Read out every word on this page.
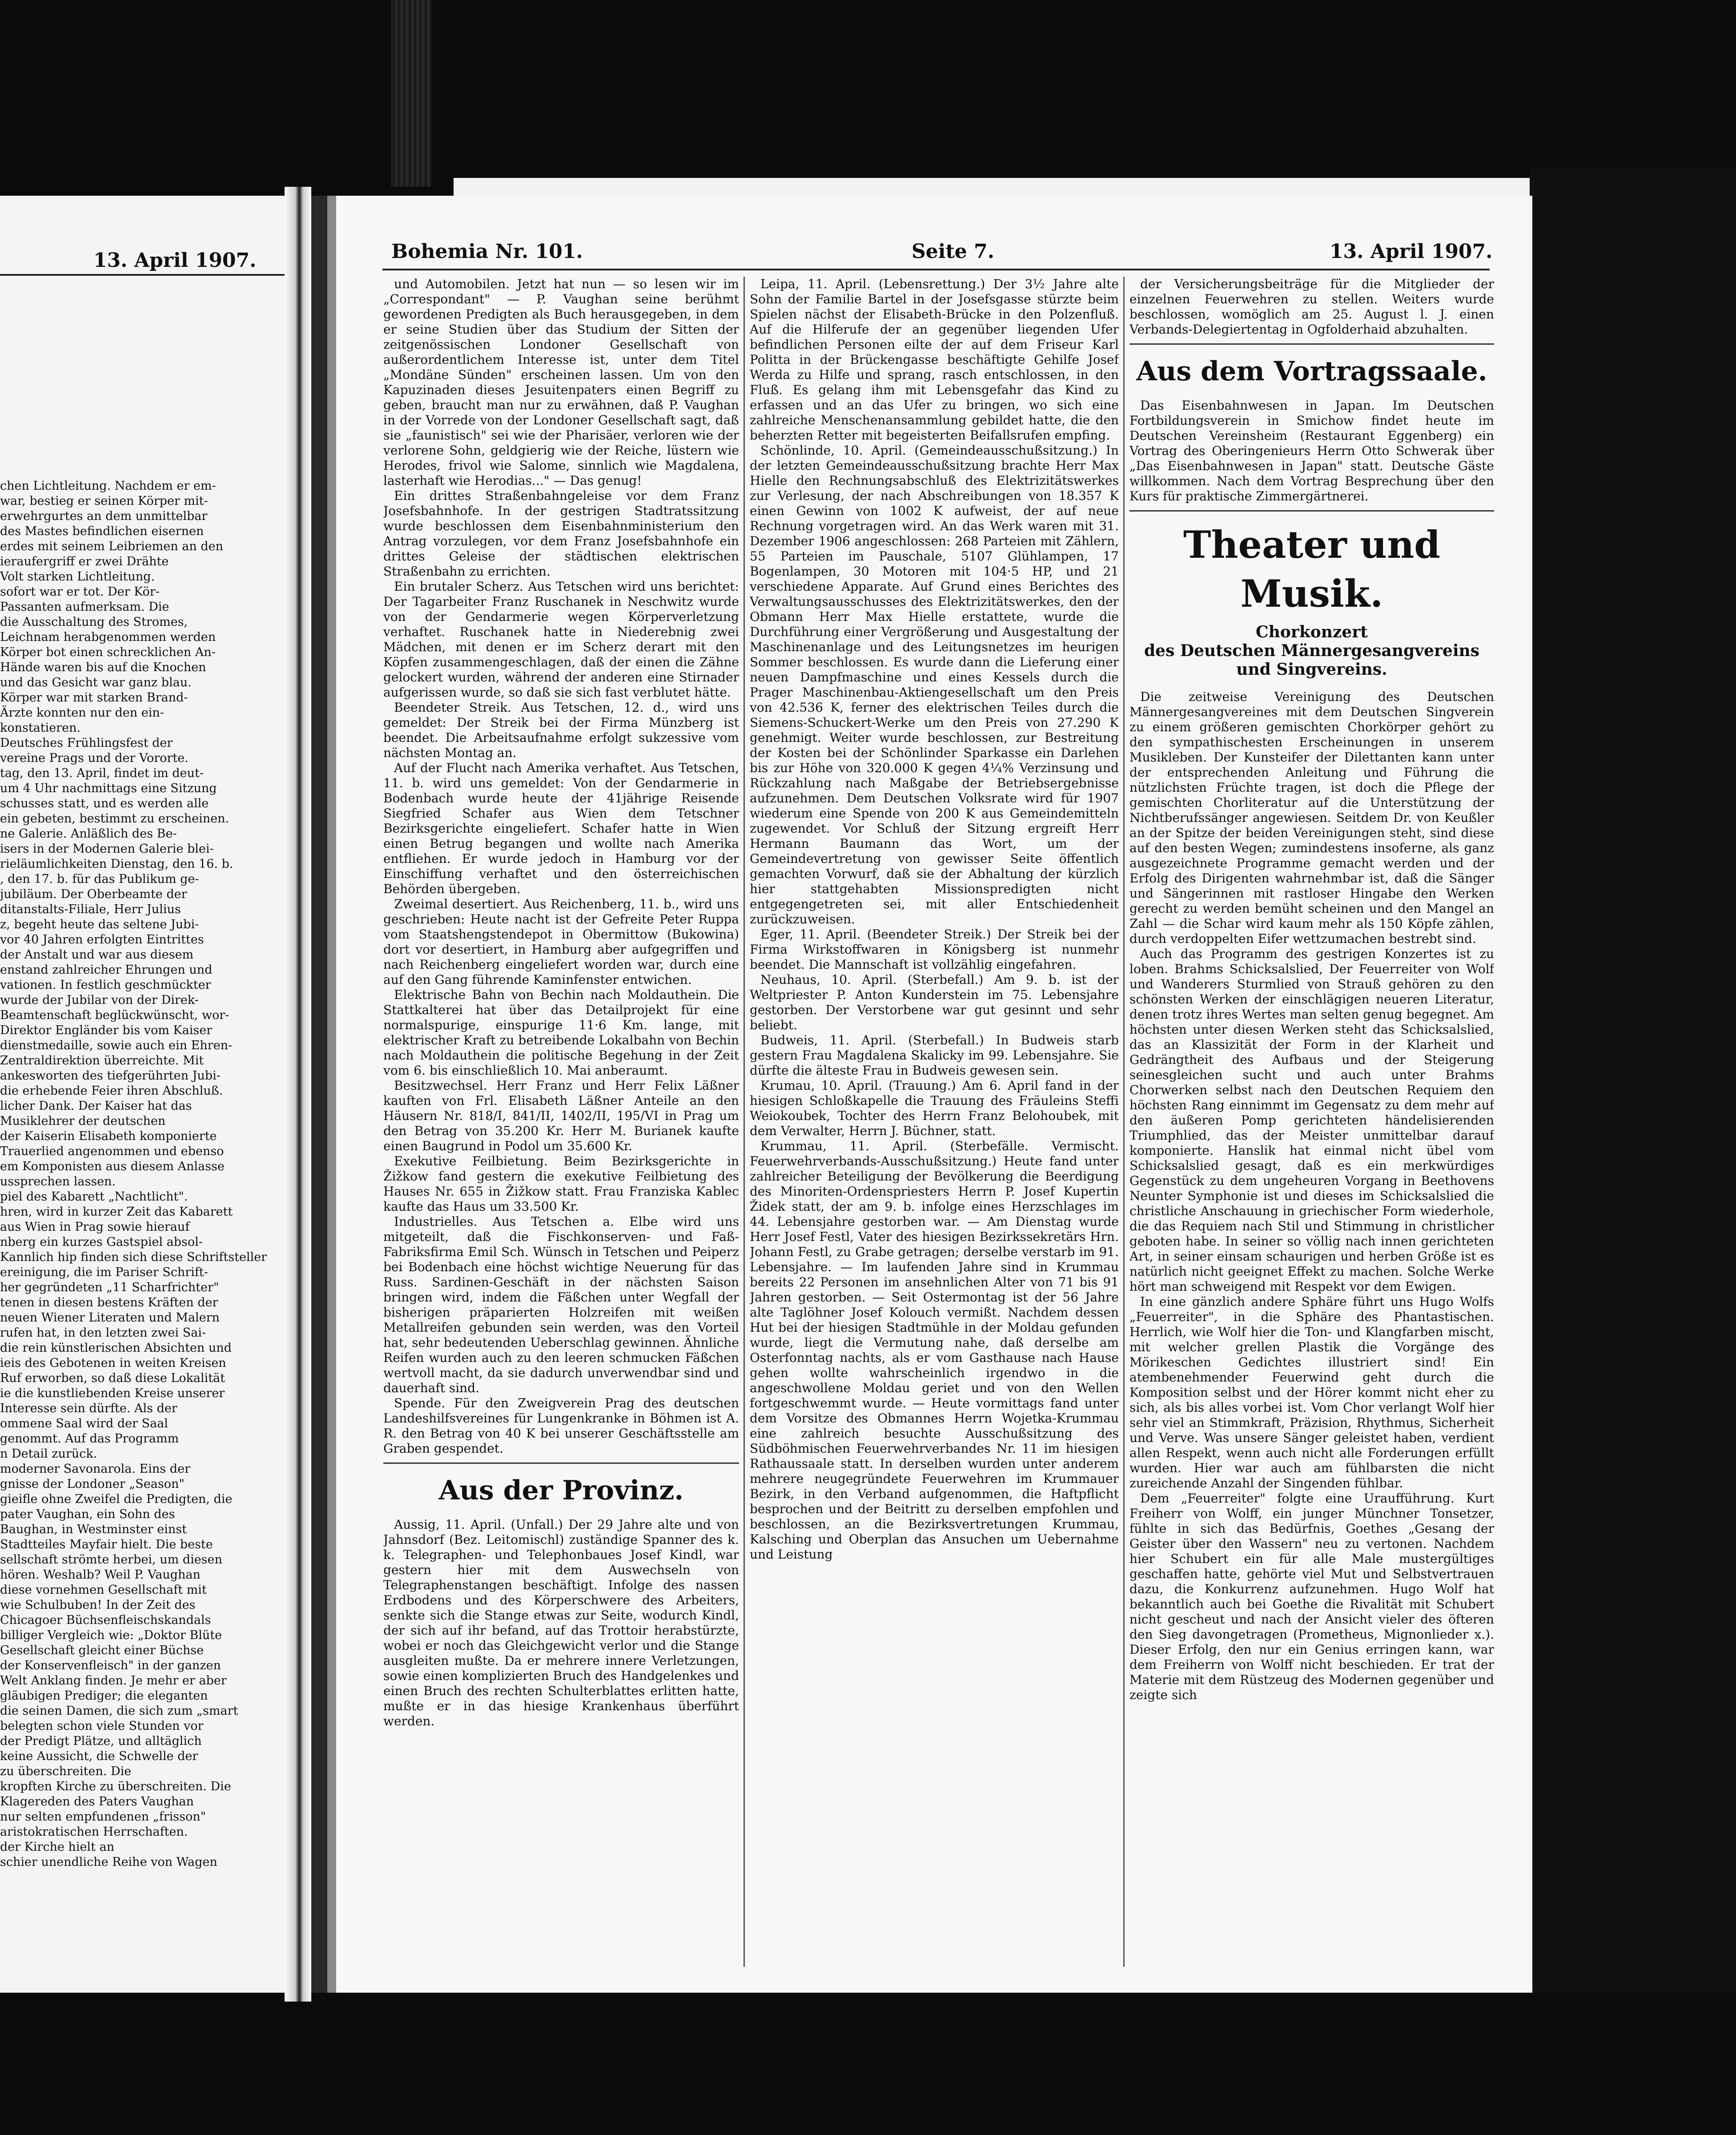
chen Lichtleitung. Nachdem er em-
war, bestieg er seinen Körper mit-
erwehrgurtes an dem unmittelbar
des Mastes befindlichen eisernen
erdes mit seinem Leibriemen an den
ieraufergriff er zwei Drähte
Volt starken Lichtleitung.
sofort war er tot. Der Kör-
Passanten aufmerksam. Die
die Ausschaltung des Stromes,
Leichnam herabgenommen werden
Körper bot einen schrecklichen An-
Hände waren bis auf die Knochen
und das Gesicht war ganz blau.
Körper war mit starken Brand-
Ärzte konnten nur den ein-
konstatieren.
Deutsches Frühlingsfest der
vereine Prags und der Vororte.
tag, den 13. April, findet im deut-
um 4 Uhr nachmittags eine Sitzung
schusses statt, und es werden alle
ein gebeten, bestimmt zu erscheinen.
ne Galerie. Anläßlich des Be-
isers in der Modernen Galerie blei-
rieläumlichkeiten Dienstag, den 16. b.
, den 17. b. für das Publikum ge-
jubiläum. Der Oberbeamte der
ditanstalts-Filiale, Herr Julius
z, begeht heute das seltene Jubi-
vor 40 Jahren erfolgten Eintrittes
der Anstalt und war aus diesem
enstand zahlreicher Ehrungen und
vationen. In festlich geschmückter
wurde der Jubilar von der Direk-
Beamtenschaft beglückwünscht, wor-
Direktor Engländer bis vom Kaiser
dienstmedaille, sowie auch ein Ehren-
Zentraldirektion überreichte. Mit
ankesworten des tiefgerührten Jubi-
die erhebende Feier ihren Abschluß.
licher Dank. Der Kaiser hat das
Musiklehrer der deutschen
der Kaiserin Elisabeth komponierte
Trauerlied angenommen und ebenso
em Komponisten aus diesem Anlasse
ussprechen lassen.
piel des Kabarett „Nachtlicht".
hren, wird in kurzer Zeit das Kabarett
aus Wien in Prag sowie hierauf
nberg ein kurzes Gastspiel absol-
Kannlich hip finden sich diese Schriftsteller
ereinigung, die im Pariser Schrift-
her gegründeten „11 Scharfrichter"
tenen in diesen bestens Kräften der
neuen Wiener Literaten und Malern
rufen hat, in den letzten zwei Sai-
die rein künstlerischen Absichten und
ieis des Gebotenen in weiten Kreisen
Ruf erworben, so daß diese Lokalität
ie die kunstliebenden Kreise unserer
Interesse sein dürfte. Als der
ommene Saal wird der Saal
genommt. Auf das Programm
n Detail zurück.
moderner Savonarola. Eins der
gnisse der Londoner „Season"
gieifle ohne Zweifel die Predigten, die
pater Vaughan, ein Sohn des
Baughan, in Westminster einst
Stadtteiles Mayfair hielt. Die beste
sellschaft strömte herbei, um diesen
hören. Weshalb? Weil P. Vaughan
diese vornehmen Gesellschaft mit
wie Schulbuben! In der Zeit des
Chicagoer Büchsenfleischskandals
billiger Vergleich wie: „Doktor Blüte
Gesellschaft gleicht einer Büchse
der Konservenfleisch" in der ganzen
Welt Anklang finden. Je mehr er aber
gläubigen Prediger; die eleganten
die seinen Damen, die sich zum „smart
belegten schon viele Stunden vor
der Predigt Plätze, und alltäglich
keine Aussicht, die Schwelle der
zu überschreiten. Die
kropften Kirche zu überschreiten. Die
Klagereden des Paters Vaughan
nur selten empfundenen „frisson"
aristokratischen Herrschaften.
der Kirche hielt an
schier unendliche Reihe von Wagen
13. April 1907.	Bohemia Nr. 101.	Seite 7.	13. April 1907.

und Automobilen. Jetzt hat nun — so lesen wir im „Correspondant" — P. Vaughan seine berühmt gewordenen Predigten als Buch herausgegeben, in dem er seine Studien über das Studium der Sitten der zeitgenössischen Londoner Gesellschaft von außerordentlichem Interesse ist, unter dem Titel „Mondäne Sünden" erscheinen lassen. Um von den Kapuzinaden dieses Jesuitenpaters einen Begriff zu geben, braucht man nur zu erwähnen, daß P. Vaughan in der Vorrede von der Londoner Gesellschaft sagt, daß sie „faunistisch" sei wie der Pharisäer, verloren wie der verlorene Sohn, geldgierig wie der Reiche, lüstern wie Herodes, frivol wie Salome, sinnlich wie Magdalena, lasterhaft wie Herodias..." — Das genug!

Ein drittes Straßenbahngeleise vor dem Franz Josefsbahnhofe. In der gestrigen Stadtratssitzung wurde beschlossen dem Eisenbahnministerium den Antrag vorzulegen, vor dem Franz Josefsbahnhofe ein drittes Geleise der städtischen elektrischen Straßenbahn zu errichten.

Ein brutaler Scherz. Aus Tetschen wird uns berichtet: Der Tagarbeiter Franz Ruschanek in Neschwitz wurde von der Gendarmerie wegen Körperverletzung verhaftet. Ruschanek hatte in Niederebnig zwei Mädchen, mit denen er im Scherz derart mit den Köpfen zusammengeschlagen, daß der einen die Zähne gelockert wurden, während der anderen eine Stirnader aufgerissen wurde, so daß sie sich fast verblutet hätte.

Beendeter Streik. Aus Tetschen, 12. d., wird uns gemeldet: Der Streik bei der Firma Münzberg ist beendet. Die Arbeitsaufnahme erfolgt sukzessive vom nächsten Montag an.

Auf der Flucht nach Amerika verhaftet. Aus Tetschen, 11. b. wird uns gemeldet: Von der Gendarmerie in Bodenbach wurde heute der 41jährige Reisende Siegfried Schafer aus Wien dem Tetschner Bezirksgerichte eingeliefert. Schafer hatte in Wien einen Betrug begangen und wollte nach Amerika entfliehen. Er wurde jedoch in Hamburg vor der Einschiffung verhaftet und den österreichischen Behörden übergeben.

Zweimal desertiert. Aus Reichenberg, 11. b., wird uns geschrieben: Heute nacht ist der Gefreite Peter Ruppa vom Staatshengstendepot in Obermittow (Bukowina) dort vor desertiert, in Hamburg aber aufgegriffen und nach Reichenberg eingeliefert worden war, durch eine auf den Gang führende Kaminfenster entwichen.

Elektrische Bahn von Bechin nach Moldauthein. Die Stattkalterei hat über das Detailprojekt für eine normalspurige, einspurige 11·6 Km. lange, mit elektrischer Kraft zu betreibende Lokalbahn von Bechin nach Moldauthein die politische Begehung in der Zeit vom 6. bis einschließlich 10. Mai anberaumt.

Besitzwechsel. Herr Franz und Herr Felix Läßner kauften von Frl. Elisabeth Läßner Anteile an den Häusern Nr. 818/I, 841/II, 1402/II, 195/VI in Prag um den Betrag von 35.200 Kr. Herr M. Burianek kaufte einen Baugrund in Podol um 35.600 Kr.

Exekutive Feilbietung. Beim Bezirksgerichte in Žižkow fand gestern die exekutive Feilbietung des Hauses Nr. 655 in Žižkow statt. Frau Franziska Kablec kaufte das Haus um 33.500 Kr.

Industrielles. Aus Tetschen a. Elbe wird uns mitgeteilt, daß die Fischkonserven- und Faß-Fabriksfirma Emil Sch. Wünsch in Tetschen und Peiperz bei Bodenbach eine höchst wichtige Neuerung für das Russ. Sardinen-Geschäft in der nächsten Saison bringen wird, indem die Fäßchen unter Wegfall der bisherigen präparierten Holzreifen mit weißen Metallreifen gebunden sein werden, was den Vorteil hat, sehr bedeutenden Ueberschlag gewinnen. Ähnliche Reifen wurden auch zu den leeren schmucken Fäßchen wertvoll macht, da sie dadurch unverwendbar sind und dauerhaft sind.

Spende. Für den Zweigverein Prag des deutschen Landeshilfsvereines für Lungenkranke in Böhmen ist A. R. den Betrag von 40 K bei unserer Geschäftsstelle am Graben gespendet.

Aus der Provinz.

Aussig, 11. April. (Unfall.) Der 29 Jahre alte und von Jahnsdorf (Bez. Leitomischl) zuständige Spanner des k. k. Telegraphen- und Telephonbaues Josef Kindl, war gestern hier mit dem Auswechseln von Telegraphenstangen beschäftigt. Infolge des nassen Erdbodens und des Körperschwere des Arbeiters, senkte sich die Stange etwas zur Seite, wodurch Kindl, der sich auf ihr befand, auf das Trottoir herabstürzte, wobei er noch das Gleichgewicht verlor und die Stange ausgleiten mußte. Da er mehrere innere Verletzungen, sowie einen komplizierten Bruch des Handgelenkes und einen Bruch des rechten Schulterblattes erlitten hatte, mußte er in das hiesige Krankenhaus überführt werden.

Leipa, 11. April. (Lebensrettung.) Der 3½ Jahre alte Sohn der Familie Bartel in der Josefsgasse stürzte beim Spielen nächst der Elisabeth-Brücke in den Polzenfluß. Auf die Hilferufe der an gegenüber liegenden Ufer befindlichen Personen eilte der auf dem Friseur Karl Politta in der Brückengasse beschäftigte Gehilfe Josef Werda zu Hilfe und sprang, rasch entschlossen, in den Fluß. Es gelang ihm mit Lebensgefahr das Kind zu erfassen und an das Ufer zu bringen, wo sich eine zahlreiche Menschenansammlung gebildet hatte, die den beherzten Retter mit begeisterten Beifallsrufen empfing.

Schönlinde, 10. April. (Gemeindeausschußsitzung.) In der letzten Gemeindeausschußsitzung brachte Herr Max Hielle den Rechnungsabschluß des Elektrizitätswerkes zur Verlesung, der nach Abschreibungen von 18.357 K einen Gewinn von 1002 K aufweist, der auf neue Rechnung vorgetragen wird. An das Werk waren mit 31. Dezember 1906 angeschlossen: 268 Parteien mit Zählern, 55 Parteien im Pauschale, 5107 Glühlampen, 17 Bogenlampen, 30 Motoren mit 104·5 HP, und 21 verschiedene Apparate. Auf Grund eines Berichtes des Verwaltungsausschusses des Elektrizitätswerkes, den der Obmann Herr Max Hielle erstattete, wurde die Durchführung einer Vergrößerung und Ausgestaltung der Maschinenanlage und des Leitungsnetzes im heurigen Sommer beschlossen. Es wurde dann die Lieferung einer neuen Dampfmaschine und eines Kessels durch die Prager Maschinenbau-Aktiengesellschaft um den Preis von 42.536 K, ferner des elektrischen Teiles durch die Siemens-Schuckert-Werke um den Preis von 27.290 K genehmigt. Weiter wurde beschlossen, zur Bestreitung der Kosten bei der Schönlinder Sparkasse ein Darlehen bis zur Höhe von 320.000 K gegen 4¼% Verzinsung und Rückzahlung nach Maßgabe der Betriebsergebnisse aufzunehmen. Dem Deutschen Volksrate wird für 1907 wiederum eine Spende von 200 K aus Gemeindemitteln zugewendet. Vor Schluß der Sitzung ergreift Herr Hermann Baumann das Wort, um der Gemeindevertretung von gewisser Seite öffentlich gemachten Vorwurf, daß sie der Abhaltung der kürzlich hier stattgehabten Missionspredigten nicht entgegengetreten sei, mit aller Entschiedenheit zurückzuweisen.

Eger, 11. April. (Beendeter Streik.) Der Streik bei der Firma Wirkstoffwaren in Königsberg ist nunmehr beendet. Die Mannschaft ist vollzählig eingefahren.

Neuhaus, 10. April. (Sterbefall.) Am 9. b. ist der Weltpriester P. Anton Kunderstein im 75. Lebensjahre gestorben. Der Verstorbene war gut gesinnt und sehr beliebt.

Budweis, 11. April. (Sterbefall.) In Budweis starb gestern Frau Magdalena Skalicky im 99. Lebensjahre. Sie dürfte die älteste Frau in Budweis gewesen sein.

Krumau, 10. April. (Trauung.) Am 6. April fand in der hiesigen Schloßkapelle die Trauung des Fräuleins Steffi Weiokoubek, Tochter des Herrn Franz Belohoubek, mit dem Verwalter, Herrn J. Büchner, statt.

Krummau, 11. April. (Sterbefälle. Vermischt. Feuerwehrverbands-Ausschußsitzung.) Heute fand unter zahlreicher Beteiligung der Bevölkerung die Beerdigung des Minoriten-Ordenspriesters Herrn P. Josef Kupertin Židek statt, der am 9. b. infolge eines Herzschlages im 44. Lebensjahre gestorben war. — Am Dienstag wurde Herr Josef Festl, Vater des hiesigen Bezirkssekretärs Hrn. Johann Festl, zu Grabe getragen; derselbe verstarb im 91. Lebensjahre. — Im laufenden Jahre sind in Krummau bereits 22 Personen im ansehnlichen Alter von 71 bis 91 Jahren gestorben. — Seit Ostermontag ist der 56 Jahre alte Taglöhner Josef Kolouch vermißt. Nachdem dessen Hut bei der hiesigen Stadtmühle in der Moldau gefunden wurde, liegt die Vermutung nahe, daß derselbe am Osterfonntag nachts, als er vom Gasthause nach Hause gehen wollte wahrscheinlich irgendwo in die angeschwollene Moldau geriet und von den Wellen fortgeschwemmt wurde. — Heute vormittags fand unter dem Vorsitze des Obmannes Herrn Wojetka-Krummau eine zahlreich besuchte Ausschußsitzung des Südböhmischen Feuerwehrverbandes Nr. 11 im hiesigen Rathaussaale statt. In derselben wurden unter anderem mehrere neugegründete Feuerwehren im Krummauer Bezirk, in den Verband aufgenommen, die Haftpflicht besprochen und der Beitritt zu derselben empfohlen und beschlossen, an die Bezirksvertretungen Krummau, Kalsching und Oberplan das Ansuchen um Uebernahme und Leistung

der Versicherungsbeiträge für die Mitglieder der einzelnen Feuerwehren zu stellen. Weiters wurde beschlossen, womöglich am 25. August l. J. einen Verbands-Delegiertentag in Ogfolderhaid abzuhalten.

Aus dem Vortragssaale.

Das Eisenbahnwesen in Japan. Im Deutschen Fortbildungsverein in Smichow findet heute im Deutschen Vereinsheim (Restaurant Eggenberg) ein Vortrag des Oberingenieurs Herrn Otto Schwerak über „Das Eisenbahnwesen in Japan" statt. Deutsche Gäste willkommen. Nach dem Vortrag Besprechung über den Kurs für praktische Zimmergärtnerei.

Theater und Musik.
Chorkonzert
des Deutschen Männergesangvereins und Singvereins.

Die zeitweise Vereinigung des Deutschen Männergesangvereines mit dem Deutschen Singverein zu einem größeren gemischten Chorkörper gehört zu den sympathischesten Erscheinungen in unserem Musikleben. Der Kunsteifer der Dilettanten kann unter der entsprechenden Anleitung und Führung die nützlichsten Früchte tragen, ist doch die Pflege der gemischten Chorliteratur auf die Unterstützung der Nichtberufssänger angewiesen. Seitdem Dr. von Keußler an der Spitze der beiden Vereinigungen steht, sind diese auf den besten Wegen; zumindestens insoferne, als ganz ausgezeichnete Programme gemacht werden und der Erfolg des Dirigenten wahrnehmbar ist, daß die Sänger und Sängerinnen mit rastloser Hingabe den Werken gerecht zu werden bemüht scheinen und den Mangel an Zahl — die Schar wird kaum mehr als 150 Köpfe zählen, durch verdoppelten Eifer wettzumachen bestrebt sind.

Auch das Programm des gestrigen Konzertes ist zu loben. Brahms Schicksalslied, Der Feuerreiter von Wolf und Wanderers Sturmlied von Strauß gehören zu den schönsten Werken der einschlägigen neueren Literatur, denen trotz ihres Wertes man selten genug begegnet. Am höchsten unter diesen Werken steht das Schicksalslied, das an Klassizität der Form in der Klarheit und Gedrängtheit des Aufbaus und der Steigerung seinesgleichen sucht und auch unter Brahms Chorwerken selbst nach den Deutschen Requiem den höchsten Rang einnimmt im Gegensatz zu dem mehr auf den äußeren Pomp gerichteten händelisierenden Triumphlied, das der Meister unmittelbar darauf komponierte. Hanslik hat einmal nicht übel vom Schicksalslied gesagt, daß es ein merkwürdiges Gegenstück zu dem ungeheuren Vorgang in Beethovens Neunter Symphonie ist und dieses im Schicksalslied die christliche Anschauung in griechischer Form wiederhole, die das Requiem nach Stil und Stimmung in christlicher geboten habe. In seiner so völlig nach innen gerichteten Art, in seiner einsam schaurigen und herben Größe ist es natürlich nicht geeignet Effekt zu machen. Solche Werke hört man schweigend mit Respekt vor dem Ewigen.

In eine gänzlich andere Sphäre führt uns Hugo Wolfs „Feuerreiter", in die Sphäre des Phantastischen. Herrlich, wie Wolf hier die Ton- und Klangfarben mischt, mit welcher grellen Plastik die Vorgänge des Mörikeschen Gedichtes illustriert sind! Ein atembenehmender Feuerwind geht durch die Komposition selbst und der Hörer kommt nicht eher zu sich, als bis alles vorbei ist. Vom Chor verlangt Wolf hier sehr viel an Stimmkraft, Präzision, Rhythmus, Sicherheit und Verve. Was unsere Sänger geleistet haben, verdient allen Respekt, wenn auch nicht alle Forderungen erfüllt wurden. Hier war auch am fühlbarsten die nicht zureichende Anzahl der Singenden fühlbar.

Dem „Feuerreiter" folgte eine Uraufführung. Kurt Freiherr von Wolff, ein junger Münchner Tonsetzer, fühlte in sich das Bedürfnis, Goethes „Gesang der Geister über den Wassern" neu zu vertonen. Nachdem hier Schubert ein für alle Male mustergültiges geschaffen hatte, gehörte viel Mut und Selbstvertrauen dazu, die Konkurrenz aufzunehmen. Hugo Wolf hat bekanntlich auch bei Goethe die Rivalität mit Schubert nicht gescheut und nach der Ansicht vieler des öfteren den Sieg davongetragen (Prometheus, Mignonlieder x.). Dieser Erfolg, den nur ein Genius erringen kann, war dem Freiherrn von Wolff nicht beschieden. Er trat der Materie mit dem Rüstzeug des Modernen gegenüber und zeigte sich
